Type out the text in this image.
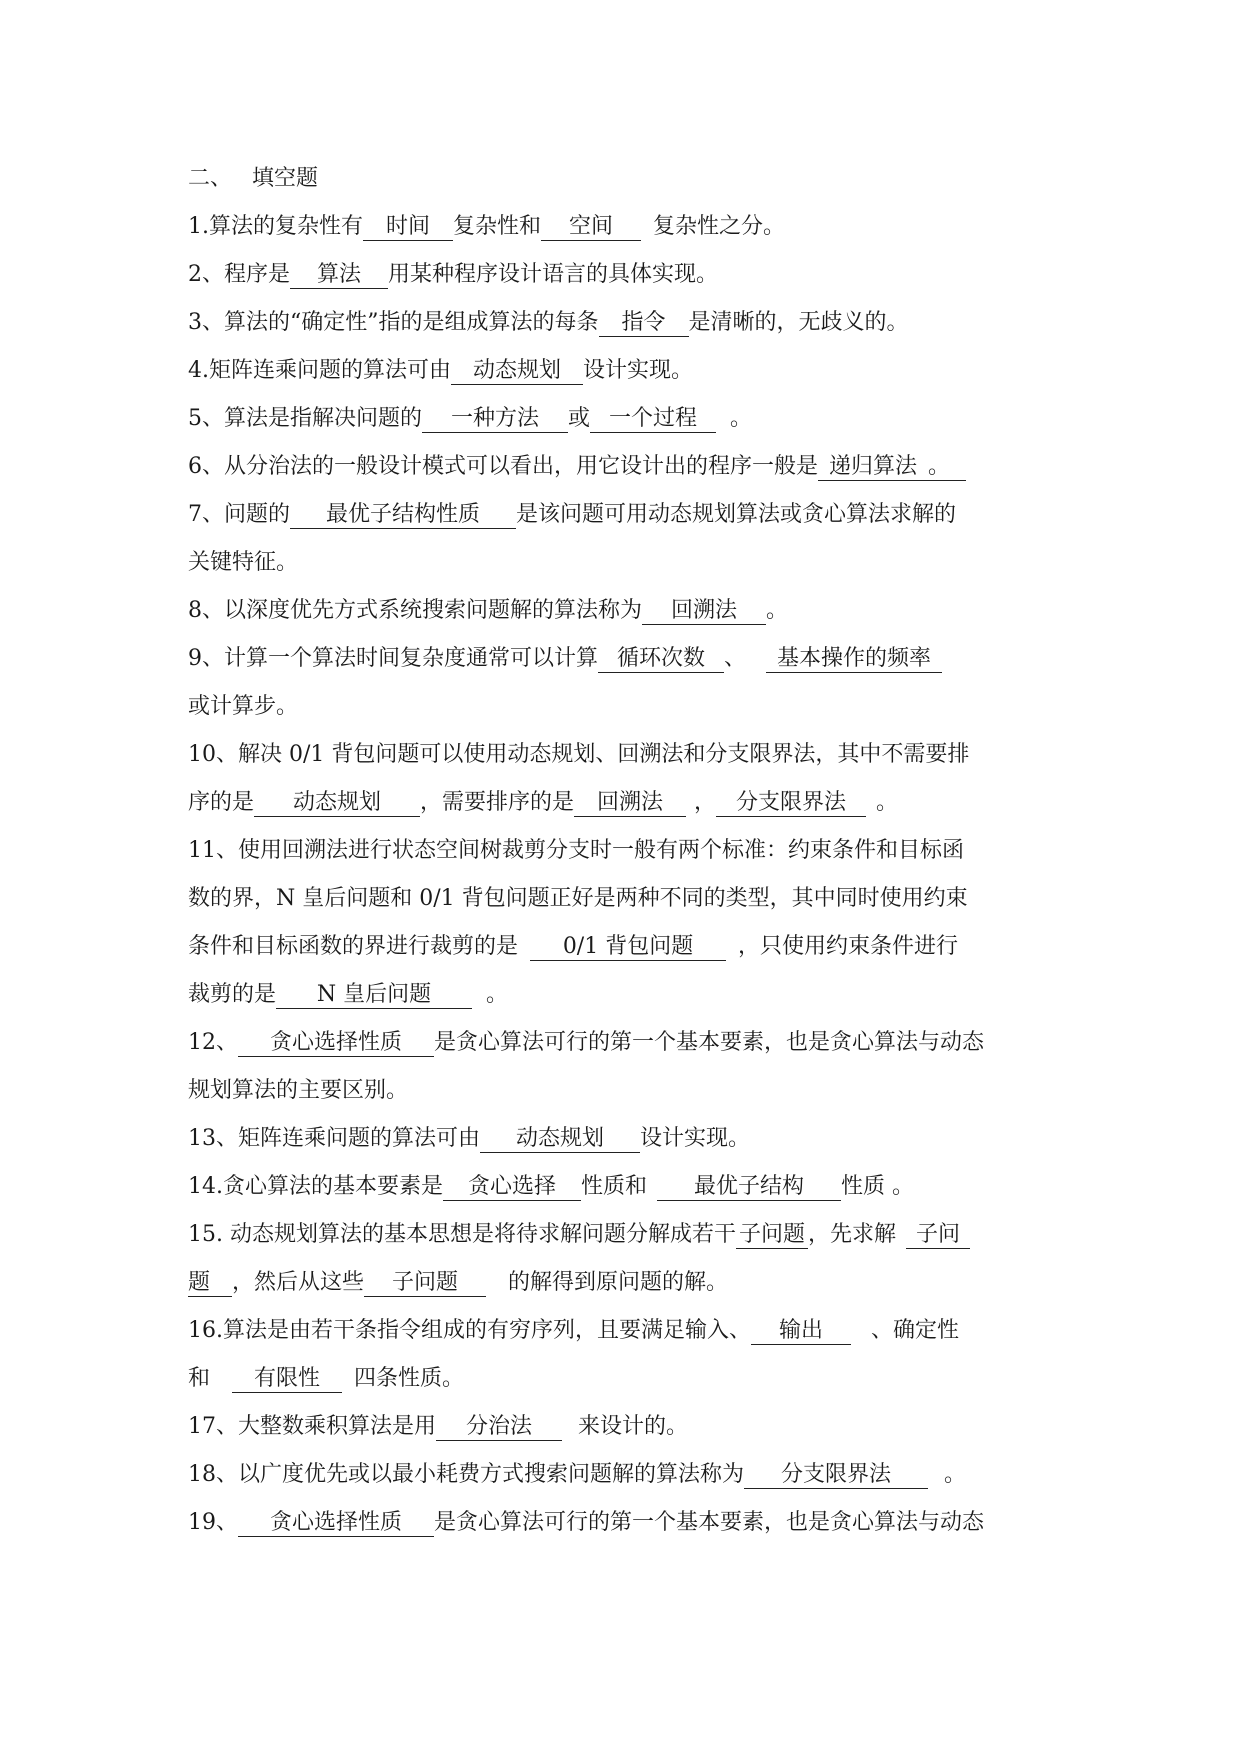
二、 填空题
1.算法的复杂性有 时间 复杂性和 空间 复杂性之分。
2、程序是 算法 用某种程序设计语言的具体实现。
3、算法的“确定性”指的是组成算法的每条 指令 是清晰的，无歧义的。
4.矩阵连乘问题的算法可由 动态规划 设计实现。
5、算法是指解决问题的 一种方法 或 一个过程 。
6、从分治法的一般设计模式可以看出，用它设计出的程序一般是 递归算法 。
7、问题的 最优子结构性质 是该问题可用动态规划算法或贪心算法求解的
关键特征。
8、以深度优先方式系统搜索问题解的算法称为 回溯法 。
9、计算一个算法时间复杂度通常可以计算 循环次数 、 基本操作的频率
或计算步。
10、解决 0/1 背包问题可以使用动态规划、回溯法和分支限界法，其中不需要排
序的是 动态规划 ，需要排序的是 回溯法 ， 分支限界法 。
11、使用回溯法进行状态空间树裁剪分支时一般有两个标准：约束条件和目标函
数的界，N 皇后问题和 0/1 背包问题正好是两种不同的类型，其中同时使用约束
条件和目标函数的界进行裁剪的是 0/1 背包问题 ，只使用约束条件进行
裁剪的是 N 皇后问题 。
12、 贪心选择性质 是贪心算法可行的第一个基本要素，也是贪心算法与动态
规划算法的主要区别。
13、矩阵连乘问题的算法可由 动态规划 设计实现。
14.贪心算法的基本要素是 贪心选择 性质和 最优子结构 性质 。
15. 动态规划算法的基本思想是将待求解问题分解成若干 子问题 ，先求解 子问
题 ，然后从这些 子问题 的解得到原问题的解。
16.算法是由若干条指令组成的有穷序列，且要满足输入、 输出 、确定性
和 有限性 四条性质。
17、大整数乘积算法是用 分治法 来设计的。
18、以广度优先或以最小耗费方式搜索问题解的算法称为 分支限界法 。
19、 贪心选择性质 是贪心算法可行的第一个基本要素，也是贪心算法与动态
